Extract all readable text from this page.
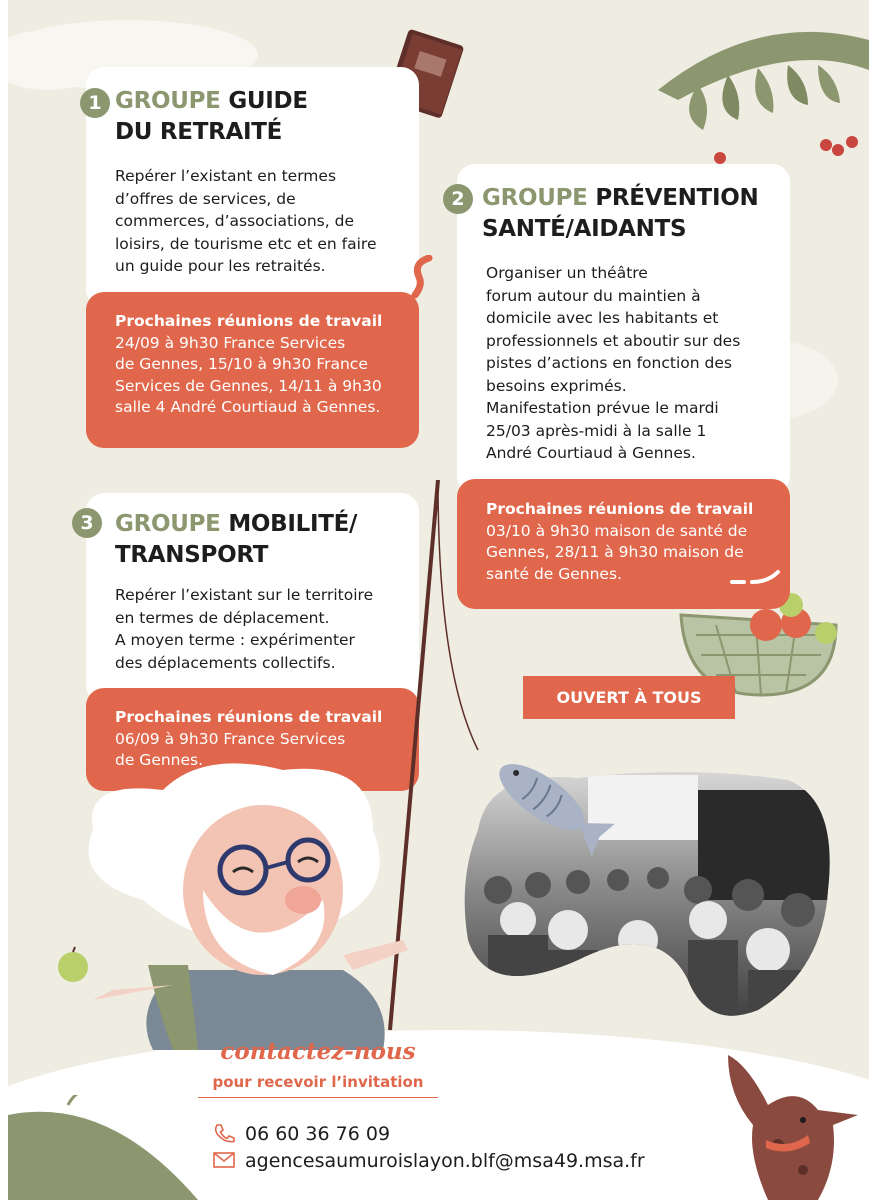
1 GROUPE GUIDE
DU RETRAITÉ
Repérer l’existant en termes
d’offres de services, de
commerces, d’associations, de
loisirs, de tourisme etc et en faire
un guide pour les retraités.
Prochaines réunions de travail
24/09 à 9h30 France Services
de Gennes, 15/10 à 9h30 France
Services de Gennes, 14/11 à 9h30
salle 4 André Courtiaud à Gennes.
2 GROUPE PRÉVENTION
SANTÉ/AIDANTS
Organiser un théâtre
forum autour du maintien à
domicile avec les habitants et
professionnels et aboutir sur des
pistes d’actions en fonction des
besoins exprimés.
Manifestation prévue le mardi
25/03 après-midi à la salle 1
André Courtiaud à Gennes.
Prochaines réunions de travail
03/10 à 9h30 maison de santé de
Gennes, 28/11 à 9h30 maison de
santé de Gennes.
3 GROUPE MOBILITÉ/
TRANSPORT
Repérer l’existant sur le territoire
en termes de déplacement.
A moyen terme : expérimenter
des déplacements collectifs.
Prochaines réunions de travail
06/09 à 9h30 France Services
de Gennes.
OUVERT À TOUS
contactez-nous
pour recevoir l’invitation
06 60 36 76 09
agencesaumuroislayon.blf@msa49.msa.fr
